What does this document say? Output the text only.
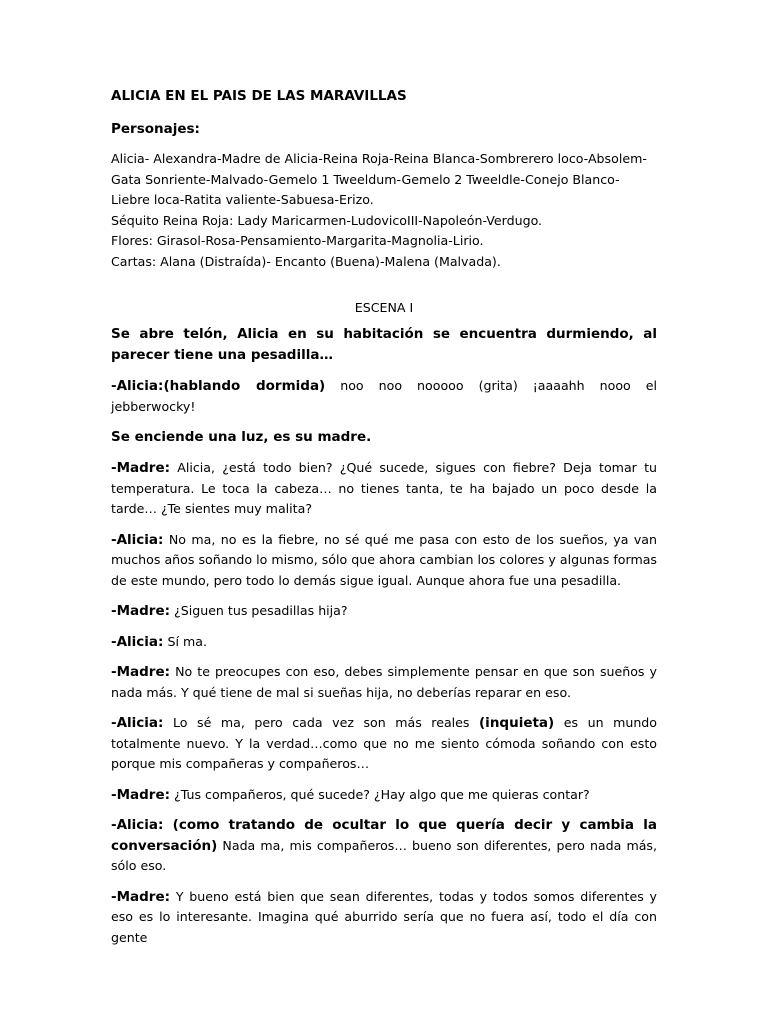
ALICIA EN EL PAIS DE LAS MARAVILLAS
Personajes:
Alicia- Alexandra-Madre de Alicia-Reina Roja-Reina Blanca-Sombrerero loco-Absolem-
Gata Sonriente-Malvado-Gemelo 1 Tweeldum-Gemelo 2 Tweeldle-Conejo Blanco-
Liebre loca-Ratita valiente-Sabuesa-Erizo.
Séquito Reina Roja: Lady Maricarmen-LudovicoIII-Napoleón-Verdugo.
Flores: Girasol-Rosa-Pensamiento-Margarita-Magnolia-Lirio.
Cartas: Alana (Distraída)- Encanto (Buena)-Malena (Malvada).
ESCENA I

Se abre telón, Alicia en su habitación se encuentra durmiendo, al parecer tiene una pesadilla…

-Alicia:(hablando dormida) noo noo nooooo (grita) ¡aaaahh nooo el jebberwocky!

Se enciende una luz, es su madre.

-Madre: Alicia, ¿está todo bien? ¿Qué sucede, sigues con fiebre? Deja tomar tu temperatura. Le toca la cabeza… no tienes tanta, te ha bajado un poco desde la tarde… ¿Te sientes muy malita?

-Alicia: No ma, no es la fiebre, no sé qué me pasa con esto de los sueños, ya van muchos años soñando lo mismo, sólo que ahora cambian los colores y algunas formas de este mundo, pero todo lo demás sigue igual. Aunque ahora fue una pesadilla.

-Madre: ¿Siguen tus pesadillas hija?

-Alicia: Sí ma.

-Madre: No te preocupes con eso, debes simplemente pensar en que son sueños y nada más. Y qué tiene de mal si sueñas hija, no deberías reparar en eso.

-Alicia: Lo sé ma, pero cada vez son más reales (inquieta) es un mundo totalmente nuevo. Y la verdad…como que no me siento cómoda soñando con esto porque mis compañeras y compañeros…

-Madre: ¿Tus compañeros, qué sucede? ¿Hay algo que me quieras contar?

-Alicia: (como tratando de ocultar lo que quería decir y cambia la conversación) Nada ma, mis compañeros… bueno son diferentes, pero nada más, sólo eso.

-Madre: Y bueno está bien que sean diferentes, todas y todos somos diferentes y eso es lo interesante. Imagina qué aburrido sería que no fuera así, todo el día con gente
